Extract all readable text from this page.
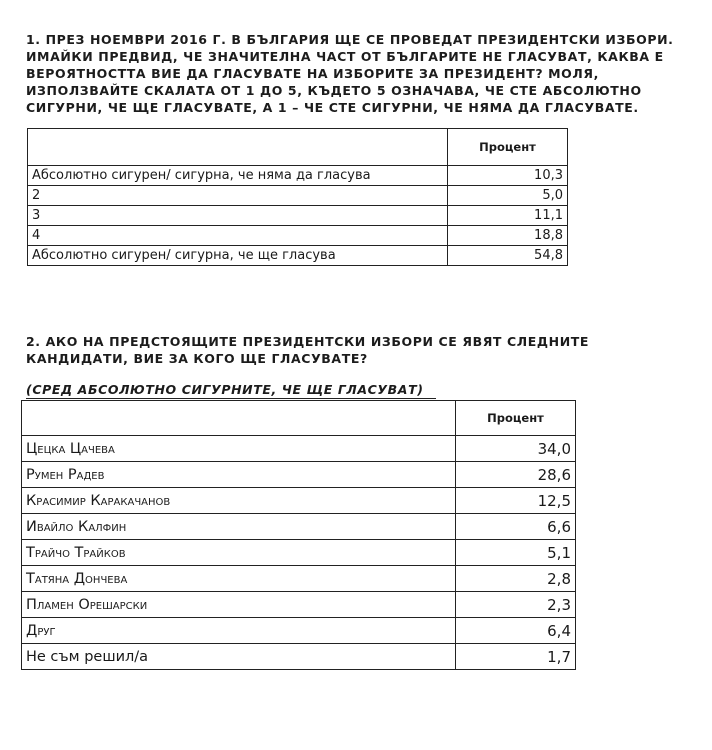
1. ПРЕЗ НОЕМВРИ 2016 Г. В БЪЛГАРИЯ ЩЕ СЕ ПРОВЕДАТ ПРЕЗИДЕНТСКИ ИЗБОРИ.
ИМАЙКИ ПРЕДВИД, ЧЕ ЗНАЧИТЕЛНА ЧАСТ ОТ БЪЛГАРИТЕ НЕ ГЛАСУВАТ, КАКВА Е
ВЕРОЯТНОСТТА ВИЕ ДА ГЛАСУВАТЕ НА ИЗБОРИТЕ ЗА ПРЕЗИДЕНТ? МОЛЯ,
ИЗПОЛЗВАЙТЕ СКАЛАТА ОТ 1 ДО 5, КЪДЕТО 5 ОЗНАЧАВА, ЧЕ СТЕ АБСОЛЮТНО
СИГУРНИ, ЧЕ ЩЕ ГЛАСУВАТЕ, А 1 – ЧЕ СТЕ СИГУРНИ, ЧЕ НЯМА ДА ГЛАСУВАТЕ.
	Процент
Абсолютно сигурен/ сигурна, че няма да гласува	10,3
2	5,0
3	11,1
4	18,8
Абсолютно сигурен/ сигурна, че ще гласува	54,8
2. АКО НА ПРЕДСТОЯЩИТЕ ПРЕЗИДЕНТСКИ ИЗБОРИ СЕ ЯВЯТ СЛЕДНИТЕ
КАНДИДАТИ, ВИЕ ЗА КОГО ЩЕ ГЛАСУВАТЕ?
(СРЕД АБСОЛЮТНО СИГУРНИТЕ, ЧЕ ЩЕ ГЛАСУВАТ)
	Процент
Цецка Цачева	34,0
Румен Радев	28,6
Красимир Каракачанов	12,5
Ивайло Калфин	6,6
Трайчо Трайков	5,1
Татяна Дончева	2,8
Пламен Орешарски	2,3
Друг	6,4
Не съм решил/а	1,7
